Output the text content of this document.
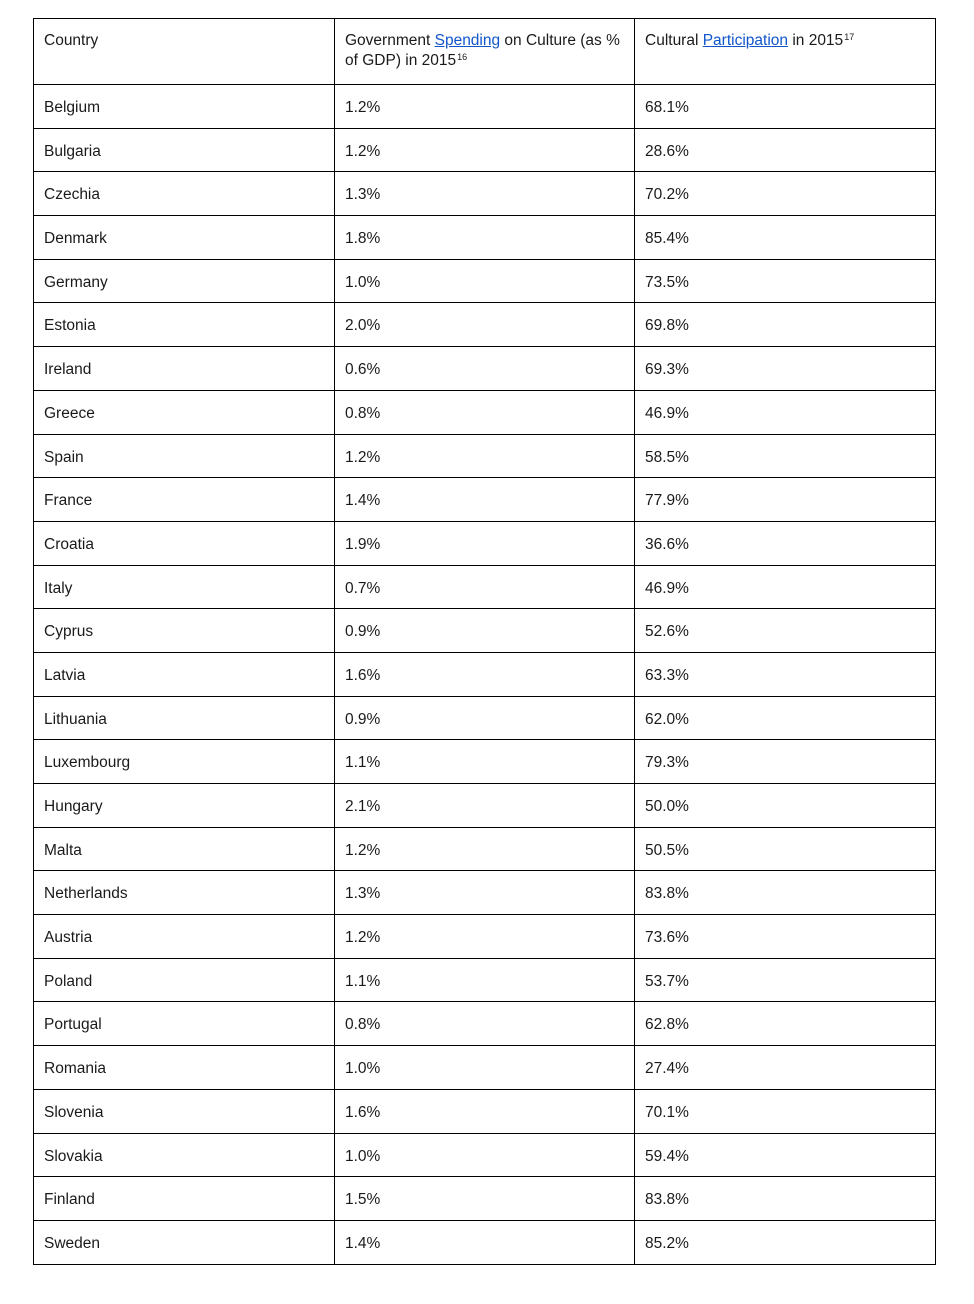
Country	Government Spending on Culture (as % of GDP) in 2015$^{16}$	Cultural Participation in 2015$^{17}$
Belgium	1.2%	68.1%
Bulgaria	1.2%	28.6%
Czechia	1.3%	70.2%
Denmark	1.8%	85.4%
Germany	1.0%	73.5%
Estonia	2.0%	69.8%
Ireland	0.6%	69.3%
Greece	0.8%	46.9%
Spain	1.2%	58.5%
France	1.4%	77.9%
Croatia	1.9%	36.6%
Italy	0.7%	46.9%
Cyprus	0.9%	52.6%
Latvia	1.6%	63.3%
Lithuania	0.9%	62.0%
Luxembourg	1.1%	79.3%
Hungary	2.1%	50.0%
Malta	1.2%	50.5%
Netherlands	1.3%	83.8%
Austria	1.2%	73.6%
Poland	1.1%	53.7%
Portugal	0.8%	62.8%
Romania	1.0%	27.4%
Slovenia	1.6%	70.1%
Slovakia	1.0%	59.4%
Finland	1.5%	83.8%
Sweden	1.4%	85.2%
